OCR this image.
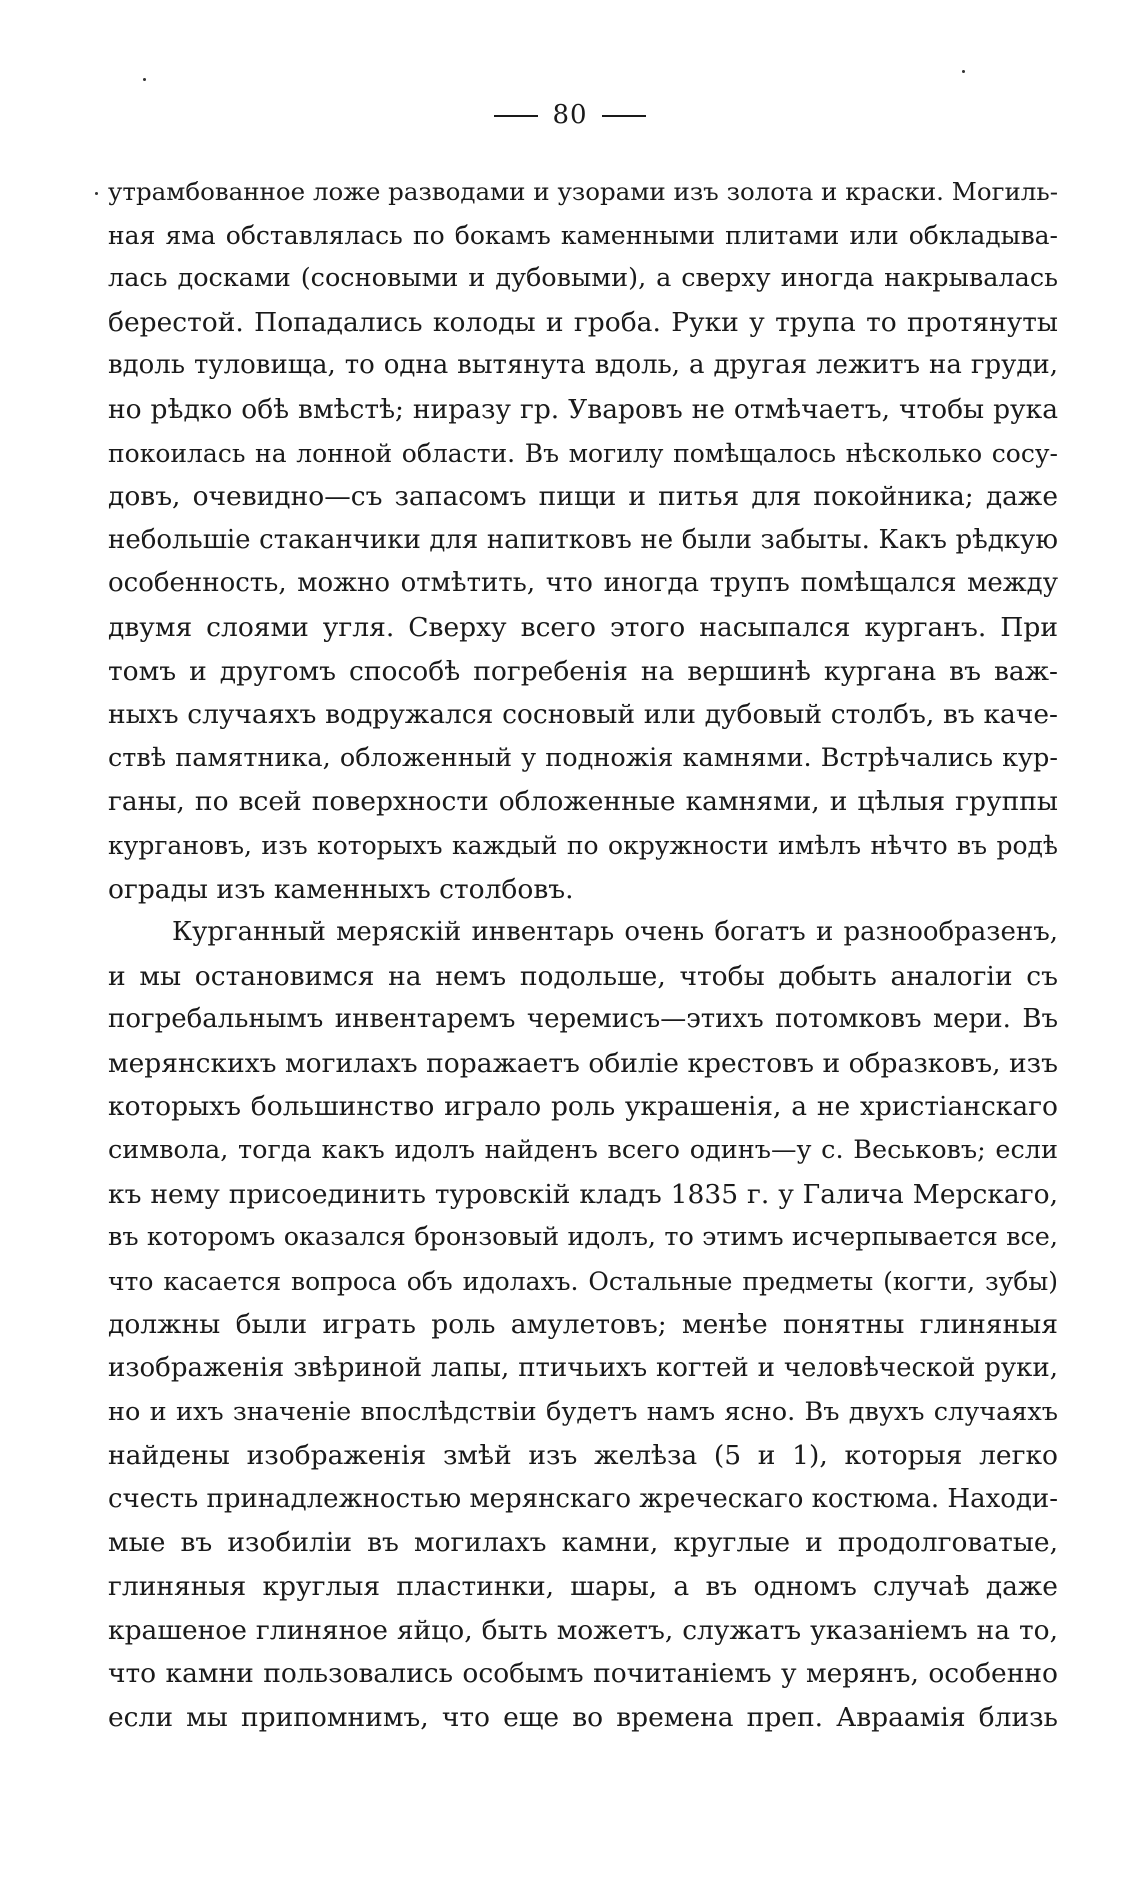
80
утрамбованное ложе разводами и узорами изъ золота и краски. Могиль-
ная яма обставлялась по бокамъ каменными плитами или обкладыва-
лась досками (сосновыми и дубовыми), а сверху иногда накрывалась
берестой. Попадались колоды и гроба. Руки у трупа то протянуты
вдоль туловища, то одна вытянута вдоль, а другая лежитъ на груди,
но рѣдко обѣ вмѣстѣ; ниразу гр. Уваровъ не отмѣчаетъ, чтобы рука
покоилась на лонной области. Въ могилу помѣщалось нѣсколько сосу-
довъ, очевидно—съ запасомъ пищи и питья для покойника; даже
небольшіе стаканчики для напитковъ не были забыты. Какъ рѣдкую
особенность, можно отмѣтить, что иногда трупъ помѣщался между
двумя слоями угля. Сверху всего этого насыпался курганъ. При
томъ и другомъ способѣ погребенія на вершинѣ кургана въ важ-
ныхъ случаяхъ водружался сосновый или дубовый столбъ, въ каче-
ствѣ памятника, обложенный у подножія камнями. Встрѣчались кур-
ганы, по всей поверхности обложенные камнями, и цѣлыя группы
кургановъ, изъ которыхъ каждый по окружности имѣлъ нѣчто въ родѣ
ограды изъ каменныхъ столбовъ.
Курганный меряскій инвентарь очень богатъ и разнообразенъ,
и мы остановимся на немъ подольше, чтобы добыть аналогіи съ
погребальнымъ инвентаремъ черемисъ—этихъ потомковъ мери. Въ
мерянскихъ могилахъ поражаетъ обиліе крестовъ и образковъ, изъ
которыхъ большинство играло роль украшенія, а не христіанскаго
символа, тогда какъ идолъ найденъ всего одинъ—у с. Веськовъ; если
къ нему присоединить туровскій кладъ 1835 г. у Галича Мерскаго,
въ которомъ оказался бронзовый идолъ, то этимъ исчерпывается все,
что касается вопроса объ идолахъ. Остальные предметы (когти, зубы)
должны были играть роль амулетовъ; менѣе понятны глиняныя
изображенія звѣриной лапы, птичьихъ когтей и человѣческой руки,
но и ихъ значеніе впослѣдствіи будетъ намъ ясно. Въ двухъ случаяхъ
найдены изображенія змѣй изъ желѣза (5 и 1), которыя легко
счесть принадлежностью мерянскаго жреческаго костюма. Находи-
мые въ изобиліи въ могилахъ камни, круглые и продолговатые,
глиняныя круглыя пластинки, шары, а въ одномъ случаѣ даже
крашеное глиняное яйцо, быть можетъ, служатъ указаніемъ на то,
что камни пользовались особымъ почитаніемъ у мерянъ, особенно
если мы припомнимъ, что еще во времена преп. Авраамія близь
